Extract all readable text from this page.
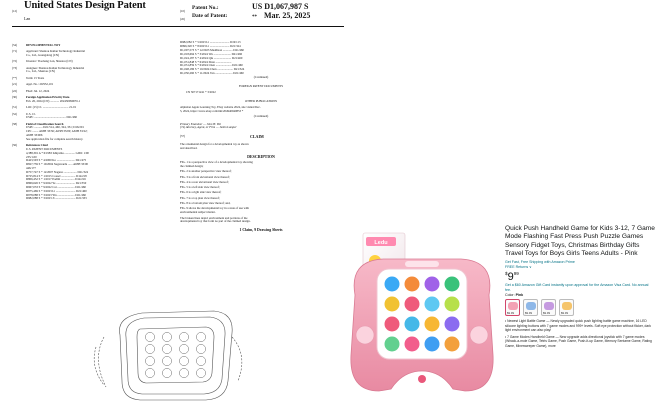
(12) United States Design Patent
Lan
(10) Patent No.:	US D1,067,987 S
(45) Date of Patent:	** Mar. 25, 2025
(54)	DEVELOPMENTAL TOY
(71)	Applicant: Shantou Kailan Technology Industrial
Co., Ltd., Guangdong (CN)
(72)	Inventor: Tiaohang Lan, Shantou (CN)
(73)	Assignee: Shantou Kailan Technology Industrial
Co., Ltd., Shantou (CN)
(**)	Term: 15 Years
(21)	Appl. No.: 29/952,101
(22)	Filed: Jul. 12, 2024
(30)	Foreign Application Priority Data
Feb. 26, 2024 (CN) ............ 202430090055.1
(51)	LOC (15) Cl. .................................. 21-01
(52)	U.S. Cl.
USPC .......................................... D21/460
(58)	Field of Classification Search
USPC ........... D21/514, 460, 324, 331; D16/201
CPC ........ A63H 33/36; A63H 33/00; A63H 33/22;
A63H 33/006
See application file for complete search history.
(56)	References Cited
U.S. PATENT DOCUMENTS
4,388,391 A * 6/1983 Ishiyama .............. G06C 1/00
235/1.00
D423,593 S * 4/2000 Ko ........................ D21/475
D827,759 S * 10/2004 Sugawarda ...... A63H 33/00
446/177
D757,747 S * 12/2007 Nagano ................. D21/324
D725,814 S * 1/2015 Cossel ................... D14/218
D806,452 S * 1/2017 Padlitt .................. D14/216
D869,626 S * 9/2022 Ye ......................... D21/350
D967,033 S * 9/2022 Cai ....................... D21/460
D975,469 S * 3/2023 Li .......................... D21/460
D978,088 S * 3/2023 Yin ....................... D21/460
D982,088 S * 3/2023 Ji ........................... D21/333
D982,082 S * 5/2023 Li .......................... D19/113
D996,320 S * 8/2023 Li .......................... D21/324
D1,007,573 S * 12/2023 Maddison ............. D21/460
D1,018,694 S * 3/2024 Wu ....................... D21/460
D1,024,187 S * 4/2024 Qiu ....................... D21/460
D1,031,848 S * 6/2024 Zhan .....................
D1,031,859 S * 6/2024 Chen ..................... D21/460
D1,048,186 S * 10/2024 Chen ..................... D21/324
D1,050,260 S * 11/2024 Tan ....................... D21/460
(Continued)
FOREIGN PATENT DOCUMENTS
CN 307171241 * 3/2022
OTHER PUBLICATIONS
Alphabet Apple Learning Toy, Ebay website 2024, site visited Dec.
5, 2024, https://www.ebay.com/itm/204940940853 *
(Continued)
Primary Examiner — John H. Yeh
(74) Attorney, Agent, or Firm — Justin Lampel
(57)	CLAIM
The ornamental design for a developmental toy as shown
and described.
DESCRIPTION
FIG. 1 is a perspective view of a developmental toy showing
the claimed design;
FIG. 2 is another perspective view thereof;
FIG. 3 is a front elevational view thereof;
FIG. 4 is a rear elevational view thereof;
FIG. 5 is a left side view thereof;
FIG. 6 is a right side view thereof;
FIG. 7 is a top plan view thereof;
FIG. 8 is a bottom plan view thereof; and,
FIG. 9 shows the developmental toy in a state of use with
environmental subject matter.
The broken lines depict environment and portions of the
developmental toy that form no part of the claimed design.
1 Claim, 9 Drawing Sheets
Ledu
Quick Push Handheld Game for Kids 3-12, 7 Game Mode Flashing Fast Press Push Puzzle Games Sensory Fidget Toys, Christmas Birthday Gifts Travel Toys for Boys Girls Teens Adults - Pink
Get Fast, Free Shipping with Amazon Prime
FREE Returns ∨
$ $9^{99}$
Get a $60 Amazon Gift Card instantly upon approval for the Amazon Visa Card. No annual fee.
Color: Pink
$9.99	$9.99	$9.99	$9.99
• Newest Light Battle Game — Newly upgraded quick push lighting battle game machine, 16 LED silicone lighting buttons with 7 game modes and 999+ levels. Soft eye protection without flicker, dark light environment can also play!
• 7 Game Modes Handheld Game — New upgrade adds directional joystick with 7 game modes (Whack-a-mole Game, Tetris Game, Push Game, Push-it-up Game, Memory Sentame Game, Rating Game, Minesweeper Game), more
